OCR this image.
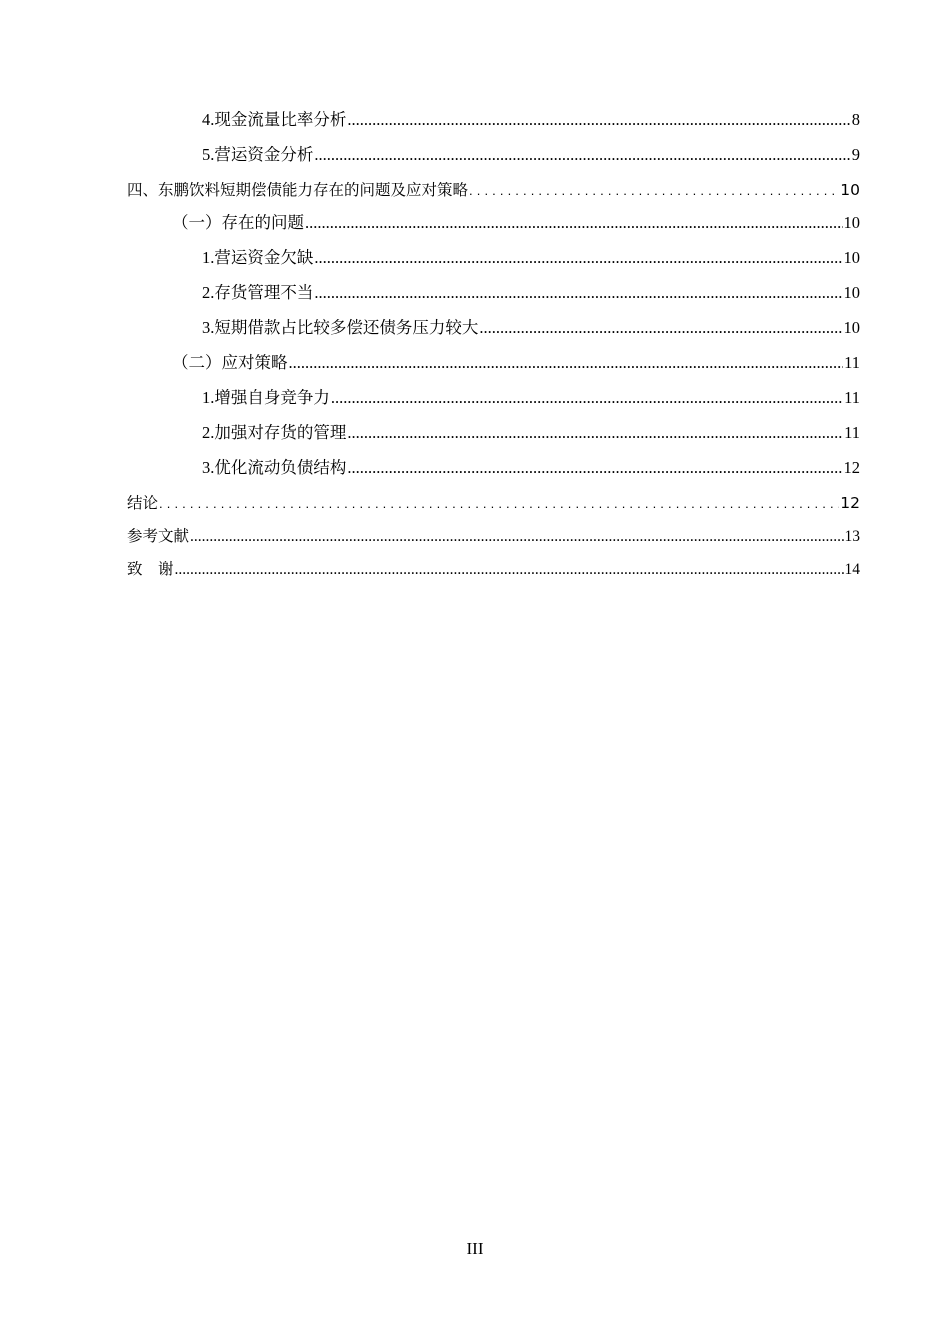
4.现金流量比率分析 .....	8
5.营运资金分析 .....	9
四、东鹏饮料短期偿债能力存在的问题及应对策略 .....	10
（一）存在的问题 .....	10
1.营运资金欠缺 .....	10
2.存货管理不当 .....	10
3.短期借款占比较多偿还债务压力较大 .....	10
（二）应对策略 .....	11
1.增强自身竞争力 .....	11
2.加强对存货的管理 .....	11
3.优化流动负债结构 .....	12
结论 .....	12
参考文献 .....	13
致　谢 .....	14
III
